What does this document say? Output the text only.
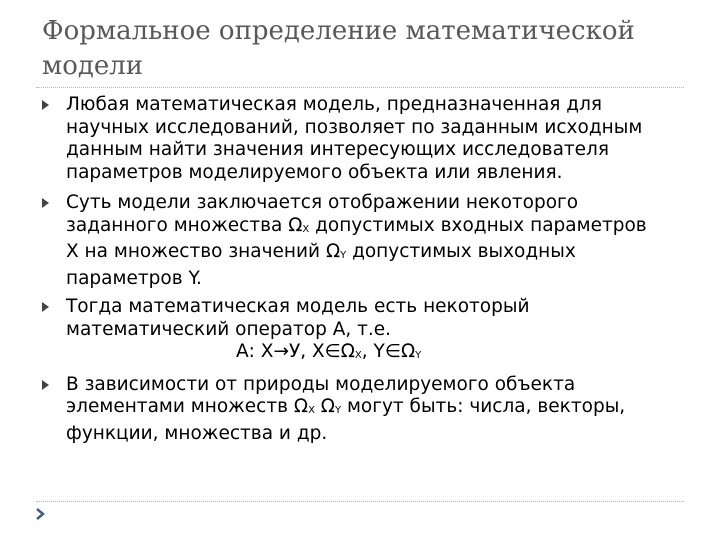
Формальное определение математической
модели
Любая математическая модель, предназначенная для
научных исследований, позволяет по заданным исходным
данным найти значения интересующих исследователя
параметров моделируемого объекта или явления.
Суть модели заключается отображении некоторого
заданного множества $\Omega_X$ допустимых входных параметров
X на множество значений $\Omega_Y$ допустимых выходных
параметров Y.
Тогда математическая модель есть некоторый
математический оператор А, т.е.
А: Х→У, $Х\in\Omega_X$, $Y\in\Omega_Y$
В зависимости от природы моделируемого объекта
элементами множеств $\Omega_X$ $\Omega_Y$ могут быть: числа, векторы,
функции, множества и др.
